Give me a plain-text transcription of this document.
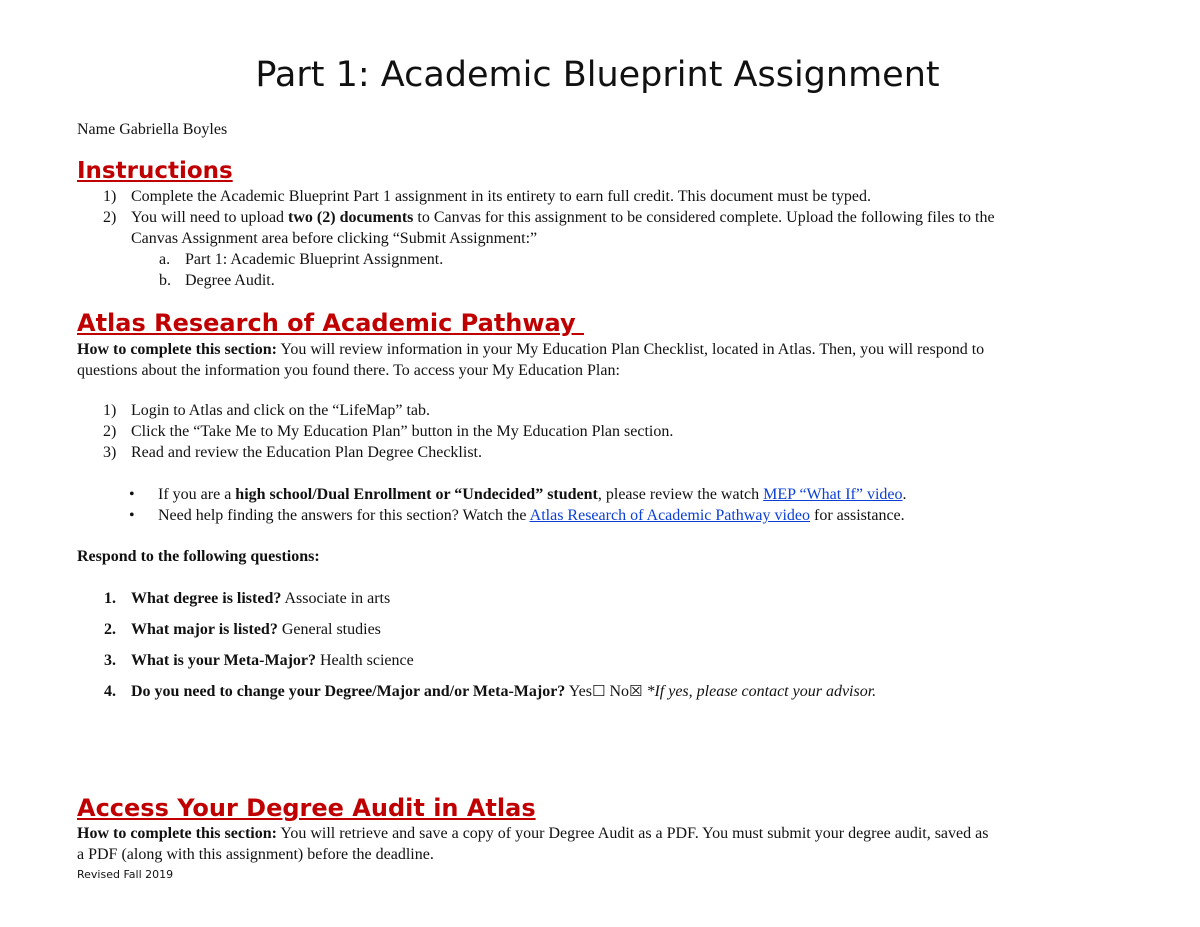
Part 1: Academic Blueprint Assignment
Name Gabriella Boyles
Instructions
1) Complete the Academic Blueprint Part 1 assignment in its entirety to earn full credit. This document must be typed.
2) You will need to upload two (2) documents to Canvas for this assignment to be considered complete. Upload the following files to the
Canvas Assignment area before clicking “Submit Assignment:”
a. Part 1: Academic Blueprint Assignment.
b. Degree Audit.
Atlas Research of Academic Pathway
How to complete this section: You will review information in your My Education Plan Checklist, located in Atlas. Then, you will respond to
questions about the information you found there. To access your My Education Plan:
1) Login to Atlas and click on the “LifeMap” tab.
2) Click the “Take Me to My Education Plan” button in the My Education Plan section.
3) Read and review the Education Plan Degree Checklist.
• If you are a high school/Dual Enrollment or “Undecided” student, please review the watch MEP “What If” video.
• Need help finding the answers for this section? Watch the Atlas Research of Academic Pathway video for assistance.
Respond to the following questions:
1. What degree is listed? Associate in arts
2. What major is listed? General studies
3. What is your Meta-Major? Health science
4. Do you need to change your Degree/Major and/or Meta-Major? Yes☐ No☒ *If yes, please contact your advisor.
Access Your Degree Audit in Atlas
How to complete this section: You will retrieve and save a copy of your Degree Audit as a PDF. You must submit your degree audit, saved as
a PDF (along with this assignment) before the deadline.
Revised Fall 2019
